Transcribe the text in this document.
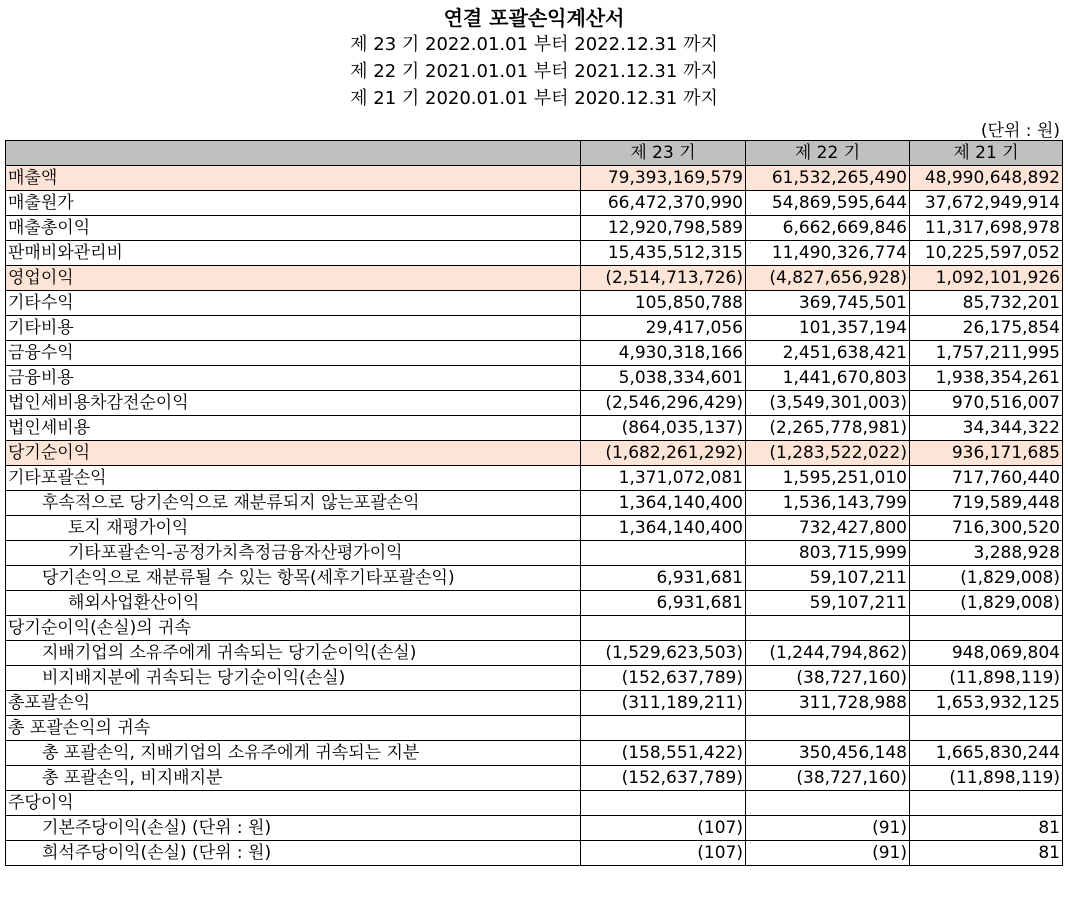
연결 포괄손익계산서
제 23 기 2022.01.01 부터 2022.12.31 까지
제 22 기 2021.01.01 부터 2021.12.31 까지
제 21 기 2020.01.01 부터 2020.12.31 까지
(단위 : 원)
	제 23 기	제 22 기	제 21 기
매출액	79,393,169,579	61,532,265,490	48,990,648,892
매출원가	66,472,370,990	54,869,595,644	37,672,949,914
매출총이익	12,920,798,589	6,662,669,846	11,317,698,978
판매비와관리비	15,435,512,315	11,490,326,774	10,225,597,052
영업이익	(2,514,713,726)	(4,827,656,928)	1,092,101,926
기타수익	105,850,788	369,745,501	85,732,201
기타비용	29,417,056	101,357,194	26,175,854
금융수익	4,930,318,166	2,451,638,421	1,757,211,995
금융비용	5,038,334,601	1,441,670,803	1,938,354,261
법인세비용차감전순이익	(2,546,296,429)	(3,549,301,003)	970,516,007
법인세비용	(864,035,137)	(2,265,778,981)	34,344,322
당기순이익	(1,682,261,292)	(1,283,522,022)	936,171,685
기타포괄손익	1,371,072,081	1,595,251,010	717,760,440
후속적으로 당기손익으로 재분류되지 않는포괄손익	1,364,140,400	1,536,143,799	719,589,448
토지 재평가이익	1,364,140,400	732,427,800	716,300,520
기타포괄손익-공정가치측정금융자산평가이익		803,715,999	3,288,928
당기손익으로 재분류될 수 있는 항목(세후기타포괄손익)	6,931,681	59,107,211	(1,829,008)
해외사업환산이익	6,931,681	59,107,211	(1,829,008)
당기순이익(손실)의 귀속			
지배기업의 소유주에게 귀속되는 당기순이익(손실)	(1,529,623,503)	(1,244,794,862)	948,069,804
비지배지분에 귀속되는 당기순이익(손실)	(152,637,789)	(38,727,160)	(11,898,119)
총포괄손익	(311,189,211)	311,728,988	1,653,932,125
총 포괄손익의 귀속			
총 포괄손익, 지배기업의 소유주에게 귀속되는 지분	(158,551,422)	350,456,148	1,665,830,244
총 포괄손익, 비지배지분	(152,637,789)	(38,727,160)	(11,898,119)
주당이익			
기본주당이익(손실) (단위 : 원)	(107)	(91)	81
희석주당이익(손실) (단위 : 원)	(107)	(91)	81
